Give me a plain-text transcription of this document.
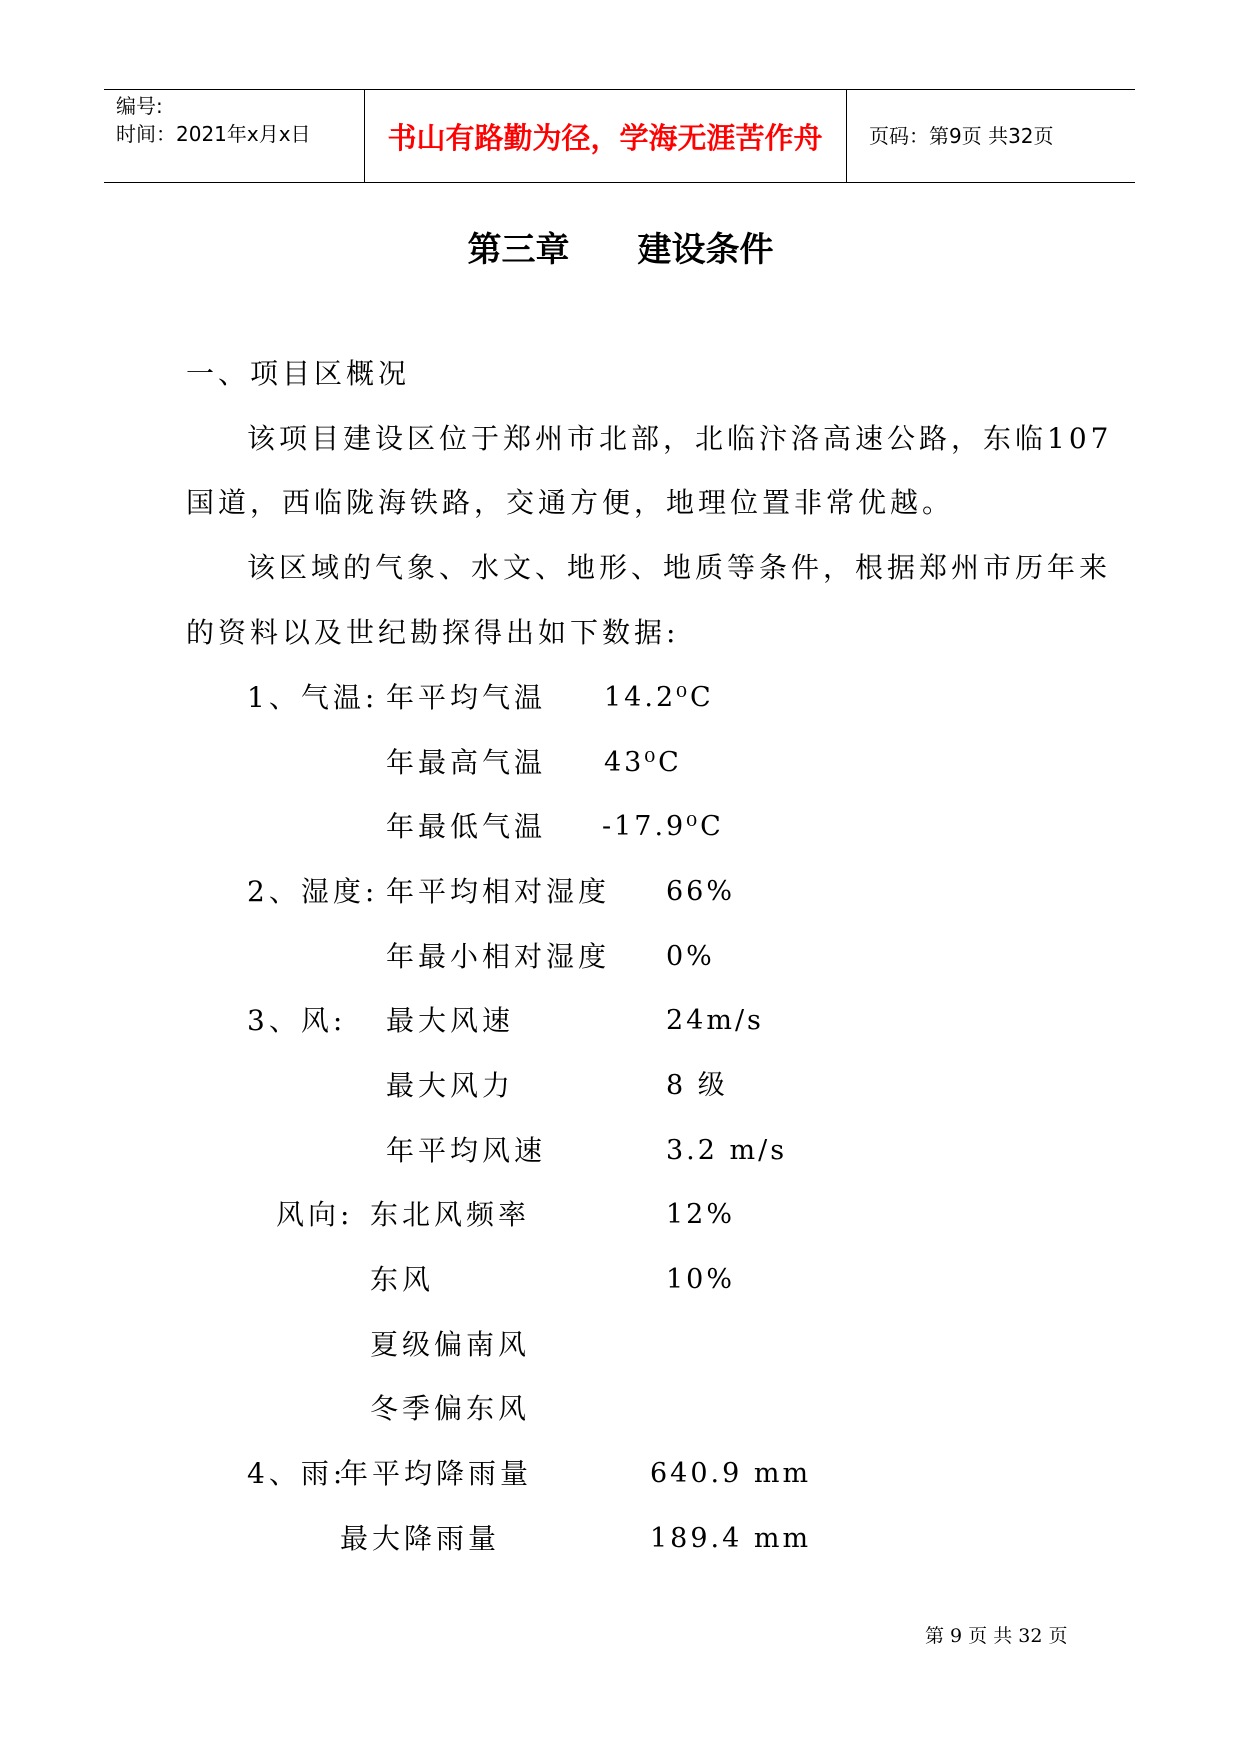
编号:
时间：2021年x月x日	书山有路勤为径，学海无涯苦作舟	页码：第9页 共32页
第三章　　建设条件
一、项目区概况
该项目建设区位于郑州市北部，北临汴洛高速公路，东临107
国道，西临陇海铁路，交通方便，地理位置非常优越。
该区域的气象、水文、地形、地质等条件，根据郑州市历年来
的资料以及世纪勘探得出如下数据:
1、气温: 年平均气温 14.2⁰C
年最高气温 43⁰C
年最低气温 -17.9⁰C
2、湿度: 年平均相对湿度 66%
年最小相对湿度 0%
3、风: 最大风速	24m/s
最大风力	8 级
年平均风速	3.2 m/s
风向: 东北风频率	12%
东风	10%
夏级偏南风
冬季偏东风
4、雨:
年平均降雨量	640.9 mm
最大降雨量	189.4 mm
第 9 页 共 32 页
